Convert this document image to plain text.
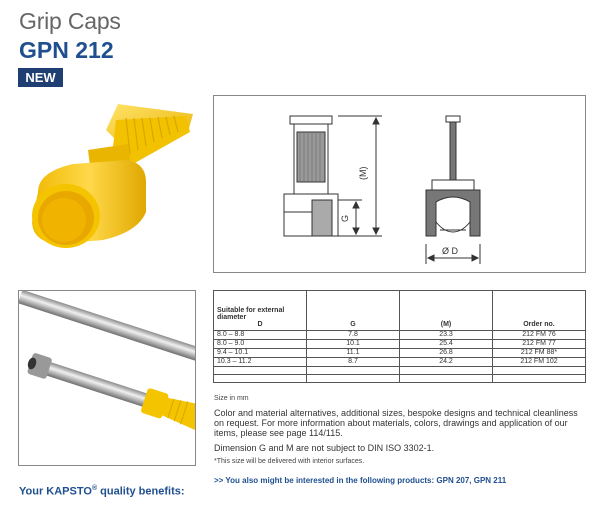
Grip Caps
GPN 212
NEW
(M)
G
Ø D
Suitable for external diameter

D	G	(M)	Order no.
8.0 – 8.8	7.8	23.3	212 FM 76
8.0 – 9.0	10.1	25.4	212 FM 77
9.4 – 10.1	11.1	26.8	212 FM 88*
10.3 – 11.2	8.7	24.2	212 FM 102

Size in mm
Color and material alternatives, additional sizes, bespoke designs and technical cleanliness on request. For more information about materials, colors, drawings and application of our items, please see page 114/115.
Dimension G and M are not subject to DIN ISO 3302-1.
*This size will be delivered with interior surfaces.
>> You also might be interested in the following products: GPN 207, GPN 211
Your KAPSTO® quality benefits:
